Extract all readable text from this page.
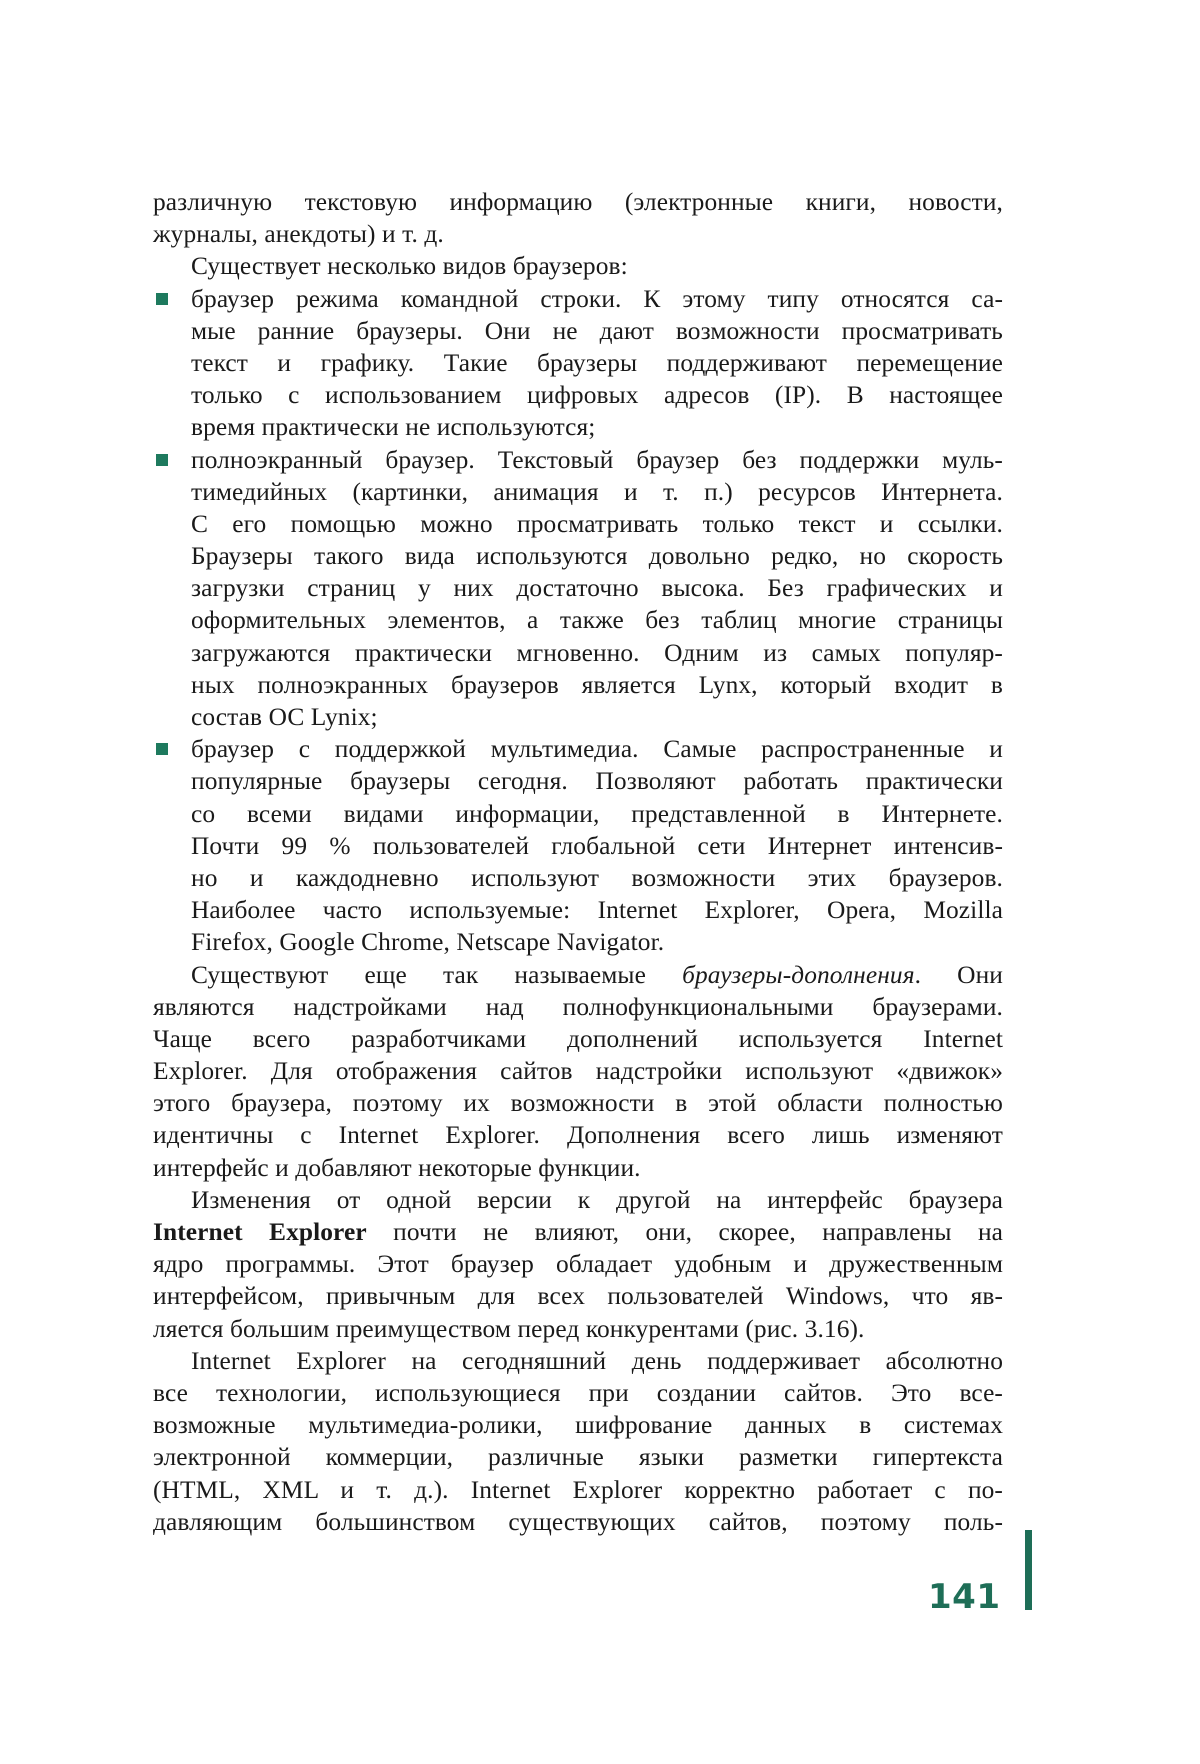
различную текстовую информацию (электронные книги, новости,
журналы, анекдоты) и т. д.
Существует несколько видов браузеров:
браузер режима командной строки. К этому типу относятся са-
мые ранние браузеры. Они не дают возможности просматривать
текст и графику. Такие браузеры поддерживают перемещение
только с использованием цифровых адресов (IP). В настоящее
время практически не используются;
полноэкранный браузер. Текстовый браузер без поддержки муль-
тимедийных (картинки, анимация и т. п.) ресурсов Интернета.
С его помощью можно просматривать только текст и ссылки.
Браузеры такого вида используются довольно редко, но скорость
загрузки страниц у них достаточно высока. Без графических и
оформительных элементов, а также без таблиц многие страницы
загружаются практически мгновенно. Одним из самых популяр-
ных полноэкранных браузеров является Lynx, который входит в
состав ОС Lynix;
браузер с поддержкой мультимедиа. Самые распространенные и
популярные браузеры сегодня. Позволяют работать практически
со всеми видами информации, представленной в Интернете.
Почти 99 % пользователей глобальной сети Интернет интенсив-
но и каждодневно используют возможности этих браузеров.
Наиболее часто используемые: Internet Explorer, Opera, Mozilla
Firefox, Google Chrome, Netscape Navigator.
Существуют еще так называемые браузеры-дополнения. Они
являются надстройками над полнофункциональными браузерами.
Чаще всего разработчиками дополнений используется Internet
Explorer. Для отображения сайтов надстройки используют «движок»
этого браузера, поэтому их возможности в этой области полностью
идентичны с Internet Explorer. Дополнения всего лишь изменяют
интерфейс и добавляют некоторые функции.
Изменения от одной версии к другой на интерфейс браузера
Internet Explorer почти не влияют, они, скорее, направлены на
ядро программы. Этот браузер обладает удобным и дружественным
интерфейсом, привычным для всех пользователей Windows, что яв-
ляется большим преимуществом перед конкурентами (рис. 3.16).
Internet Explorer на сегодняшний день поддерживает абсолютно
все технологии, использующиеся при создании сайтов. Это все-
возможные мультимедиа-ролики, шифрование данных в системах
электронной коммерции, различные языки разметки гипертекста
(HTML, XML и т. д.). Internet Explorer корректно работает с по-
давляющим большинством существующих сайтов, поэтому поль-
141
